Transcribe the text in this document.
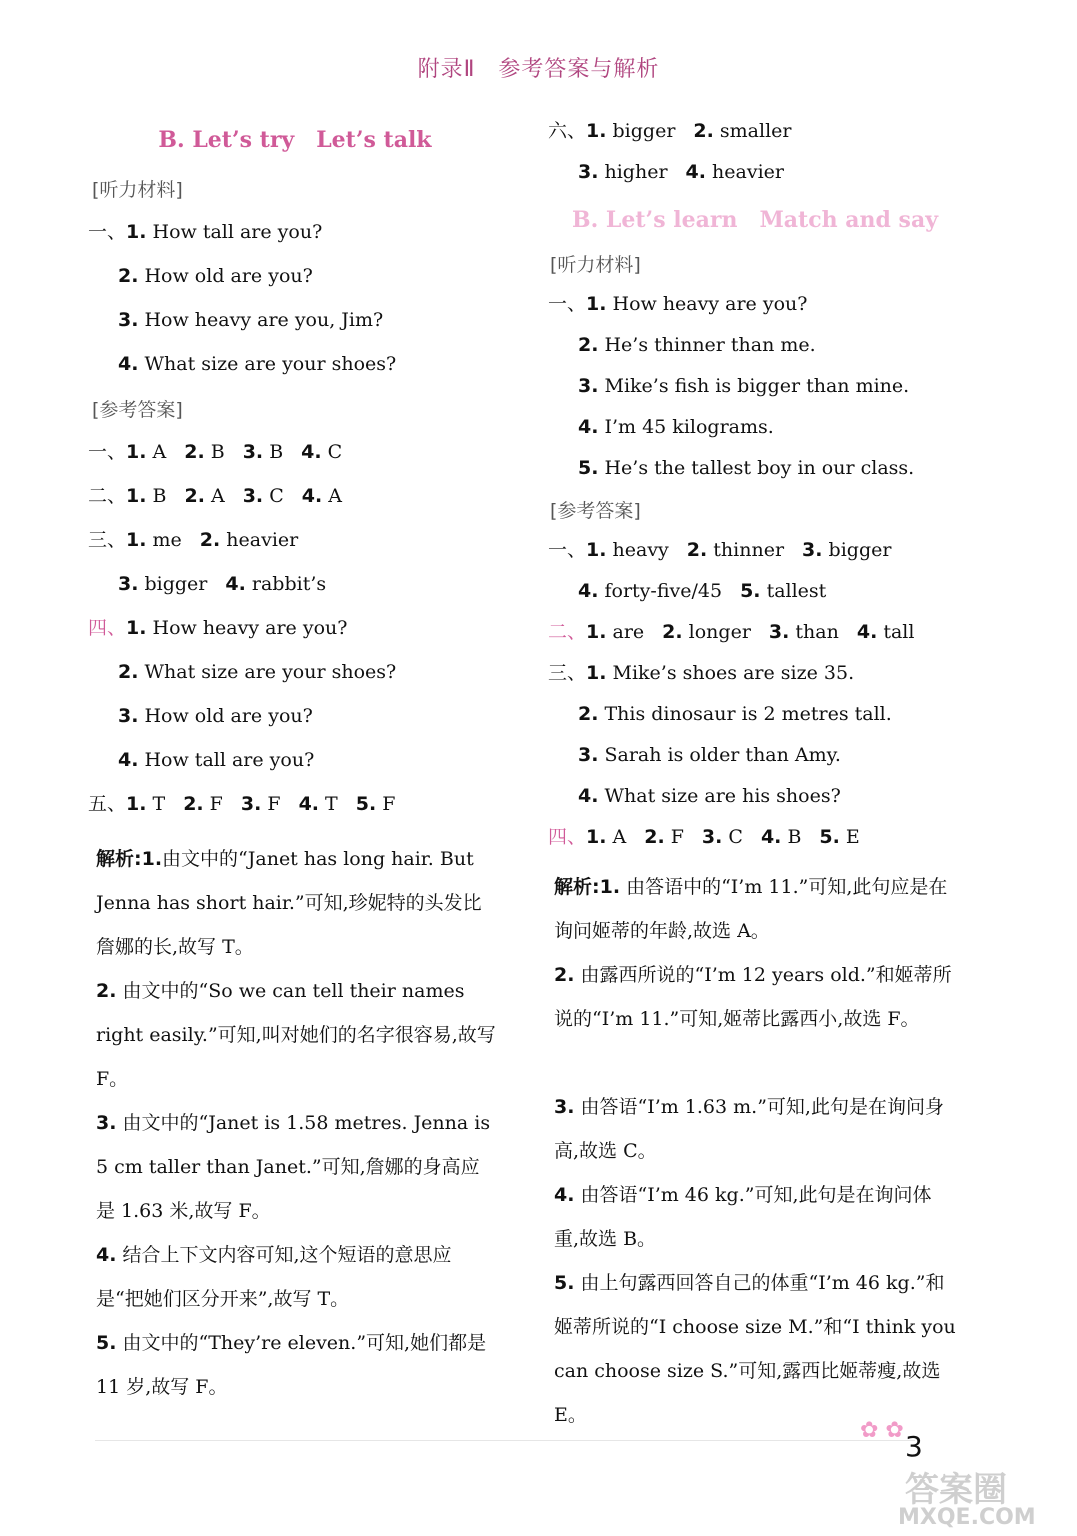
附录Ⅱ　参考答案与解析
B. Let’s try　Let’s talk
[听力材料]
一、1. How tall are you?
2. How old are you?
3. How heavy are you, Jim?
4. What size are your shoes?
[参考答案]
一、1. A 2. B 3. B 4. C
二、1. B 2. A 3. C 4. A
三、1. me 2. heavier
3. bigger 4. rabbit’s
四、1. How heavy are you?
2. What size are your shoes?
3. How old are you?
4. How tall are you?
五、1. T 2. F 3. F 4. T 5. F
解析:1.由文中的“Janet has long hair. But Jenna has short hair.”可知,珍妮特的头发比詹娜的长,故写 T。
2. 由文中的“So we can tell their names right easily.”可知,叫对她们的名字很容易,故写 F。
3. 由文中的“Janet is 1.58 metres. Jenna is 5 cm taller than Janet.”可知,詹娜的身高应是 1.63 米,故写 F。
4. 结合上下文内容可知,这个短语的意思应是“把她们区分开来”,故写 T。
5. 由文中的“They’re eleven.”可知,她们都是 11 岁,故写 F。
六、1. bigger 2. smaller
3. higher 4. heavier
B. Let’s learn　Match and say
[听力材料]
一、1. How heavy are you?
2. He’s thinner than me.
3. Mike’s fish is bigger than mine.
4. I’m 45 kilograms.
5. He’s the tallest boy in our class.
[参考答案]
一、1. heavy 2. thinner 3. bigger
4. forty-five/45 5. tallest
二、1. are 2. longer 3. than 4. tall
三、1. Mike’s shoes are size 35.
2. This dinosaur is 2 metres tall.
3. Sarah is older than Amy.
4. What size are his shoes?
四、1. A 2. F 3. C 4. B 5. E
解析:1. 由答语中的“I’m 11.”可知,此句应是在询问姬蒂的年龄,故选 A。
2. 由露西所说的“I’m 12 years old.”和姬蒂所说的“I’m 11.”可知,姬蒂比露西小,故选 F。
3. 由答语“I’m 1.63 m.”可知,此句是在询问身高,故选 C。
4. 由答语“I’m 46 kg.”可知,此句是在询问体重,故选 B。
5. 由上句露西回答自己的体重“I’m 46 kg.”和姬蒂所说的“I choose size M.”和“I think you can choose size S.”可知,露西比姬蒂瘦,故选 E。
✿ ✿ 3
答案圈
MXQE.COM
